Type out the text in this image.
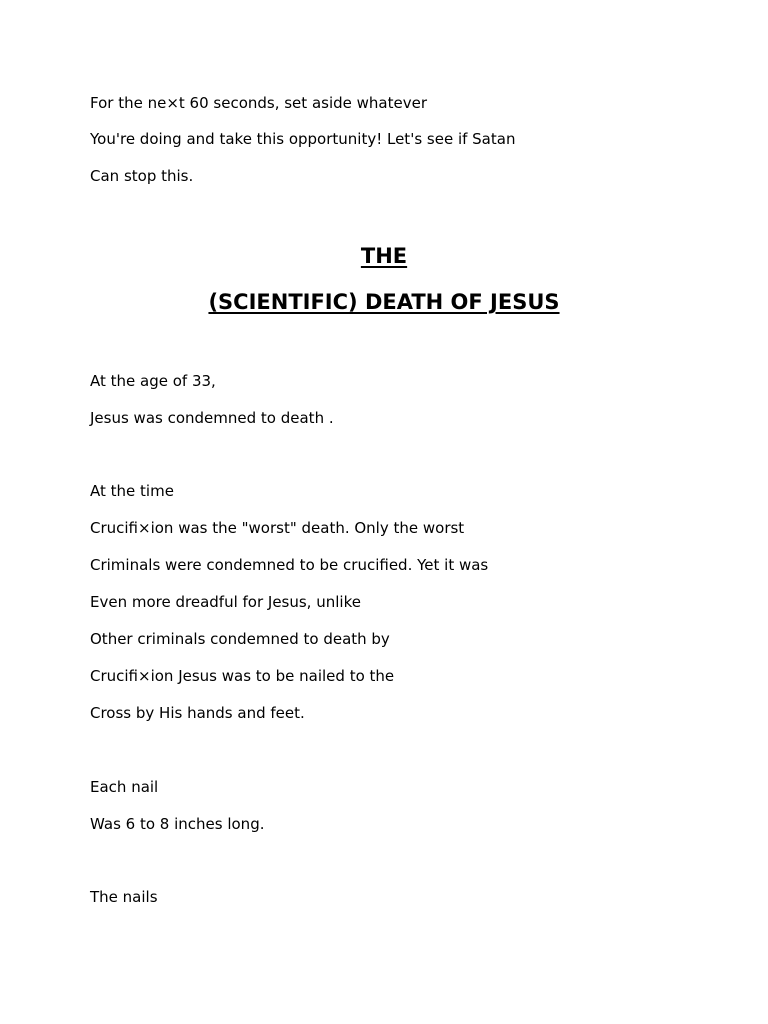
For the ne×t 60 seconds, set aside whatever
You're doing and take this opportunity! Let's see if Satan
Can stop this.
THE
(SCIENTIFIC) DEATH OF JESUS
At the age of 33,
Jesus was condemned to death .
At the time
Crucifi×ion was the "worst" death. Only the worst
Criminals were condemned to be crucified. Yet it was
Even more dreadful for Jesus, unlike
Other criminals condemned to death by
Crucifi×ion Jesus was to be nailed to the
Cross by His hands and feet.
Each nail
Was 6 to 8 inches long.
The nails
